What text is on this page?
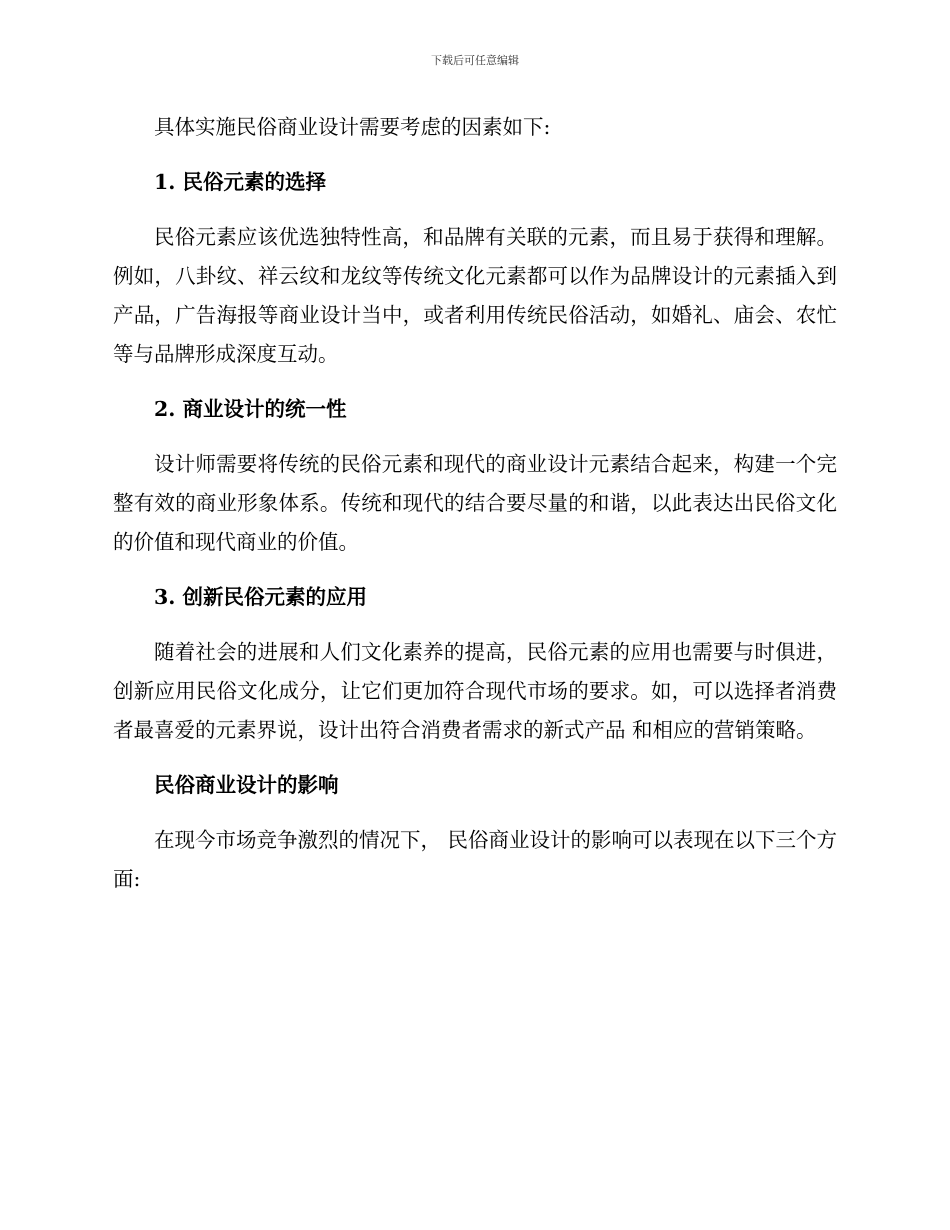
下载后可任意编辑

具体实施民俗商业设计需要考虑的因素如下:

1. 民俗元素的选择

民俗元素应该优选独特性高，和品牌有关联的元素，而且易于获得和理解。例如，八卦纹、祥云纹和龙纹等传统文化元素都可以作为品牌设计的元素插入到产品，广告海报等商业设计当中，或者利用传统民俗活动，如婚礼、庙会、农忙等与品牌形成深度互动。

2. 商业设计的统一性

设计师需要将传统的民俗元素和现代的商业设计元素结合起来，构建一个完整有效的商业形象体系。传统和现代的结合要尽量的和谐，以此表达出民俗文化的价值和现代商业的价值。

3. 创新民俗元素的应用

随着社会的进展和人们文化素养的提高，民俗元素的应用也需要与时俱进，创新应用民俗文化成分，让它们更加符合现代市场的要求。如，可以选择者消费者最喜爱的元素界说，设计出符合消费者需求的新式产品 和相应的营销策略。

民俗商业设计的影响

在现今市场竞争激烈的情况下， 民俗商业设计的影响可以表现在以下三个方面:
